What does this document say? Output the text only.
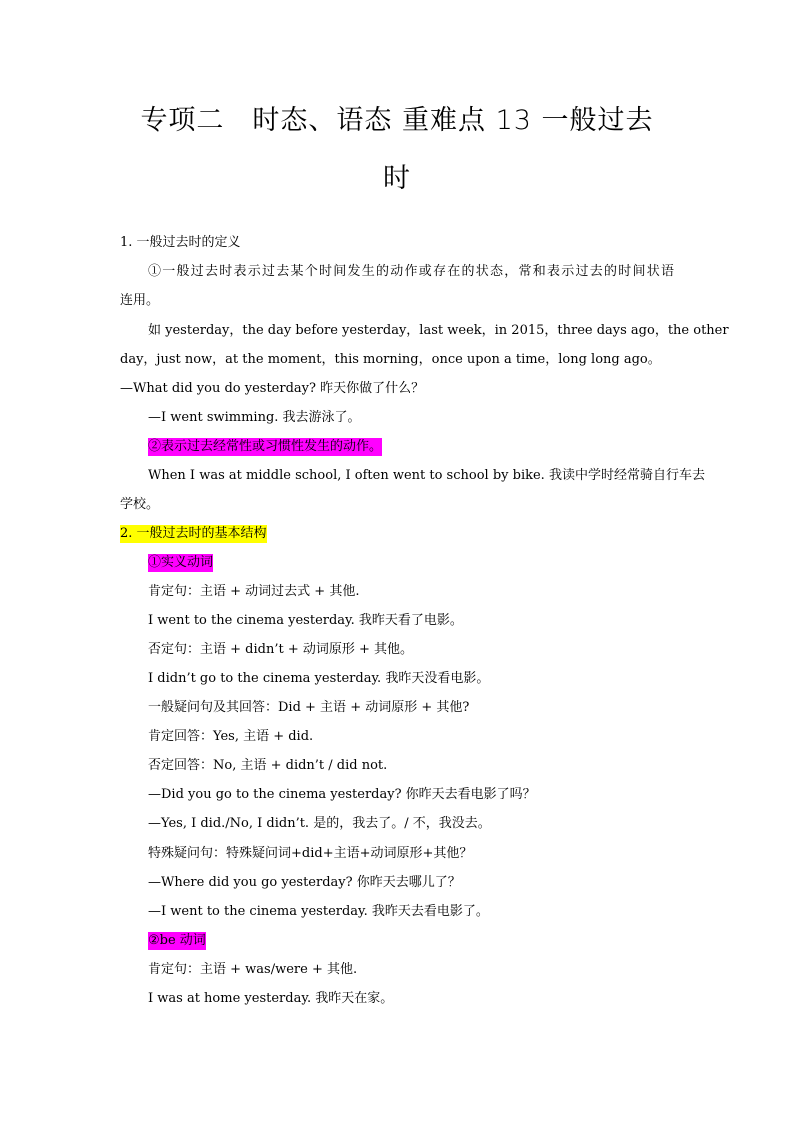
专项二　时态、语态 重难点 13 一般过去
时
1. 一般过去时的定义
①一般过去时表示过去某个时间发生的动作或存在的状态，常和表示过去的时间状语
连用。
如 yesterday，the day before yesterday，last week，in 2015，three days ago，the other
day，just now，at the moment，this morning，once upon a time，long long ago。
—What did you do yesterday? 昨天你做了什么？
—I went swimming. 我去游泳了。
②表示过去经常性或习惯性发生的动作。
When I was at middle school, I often went to school by bike. 我读中学时经常骑自行车去
学校。
2. 一般过去时的基本结构
①实义动词
肯定句：主语 + 动词过去式 + 其他.
I went to the cinema yesterday. 我昨天看了电影。
否定句：主语 + didn’t + 动词原形 + 其他。
I didn’t go to the cinema yesterday. 我昨天没看电影。
一般疑问句及其回答：Did + 主语 + 动词原形 + 其他?
肯定回答：Yes, 主语 + did.
否定回答：No, 主语 + didn’t / did not.
—Did you go to the cinema yesterday? 你昨天去看电影了吗？
—Yes, I did./No, I didn’t. 是的，我去了。/ 不，我没去。
特殊疑问句：特殊疑问词+did+主语+动词原形+其他？
—Where did you go yesterday? 你昨天去哪儿了？
—I went to the cinema yesterday. 我昨天去看电影了。
②be 动词
肯定句：主语 + was/were + 其他.
I was at home yesterday. 我昨天在家。
